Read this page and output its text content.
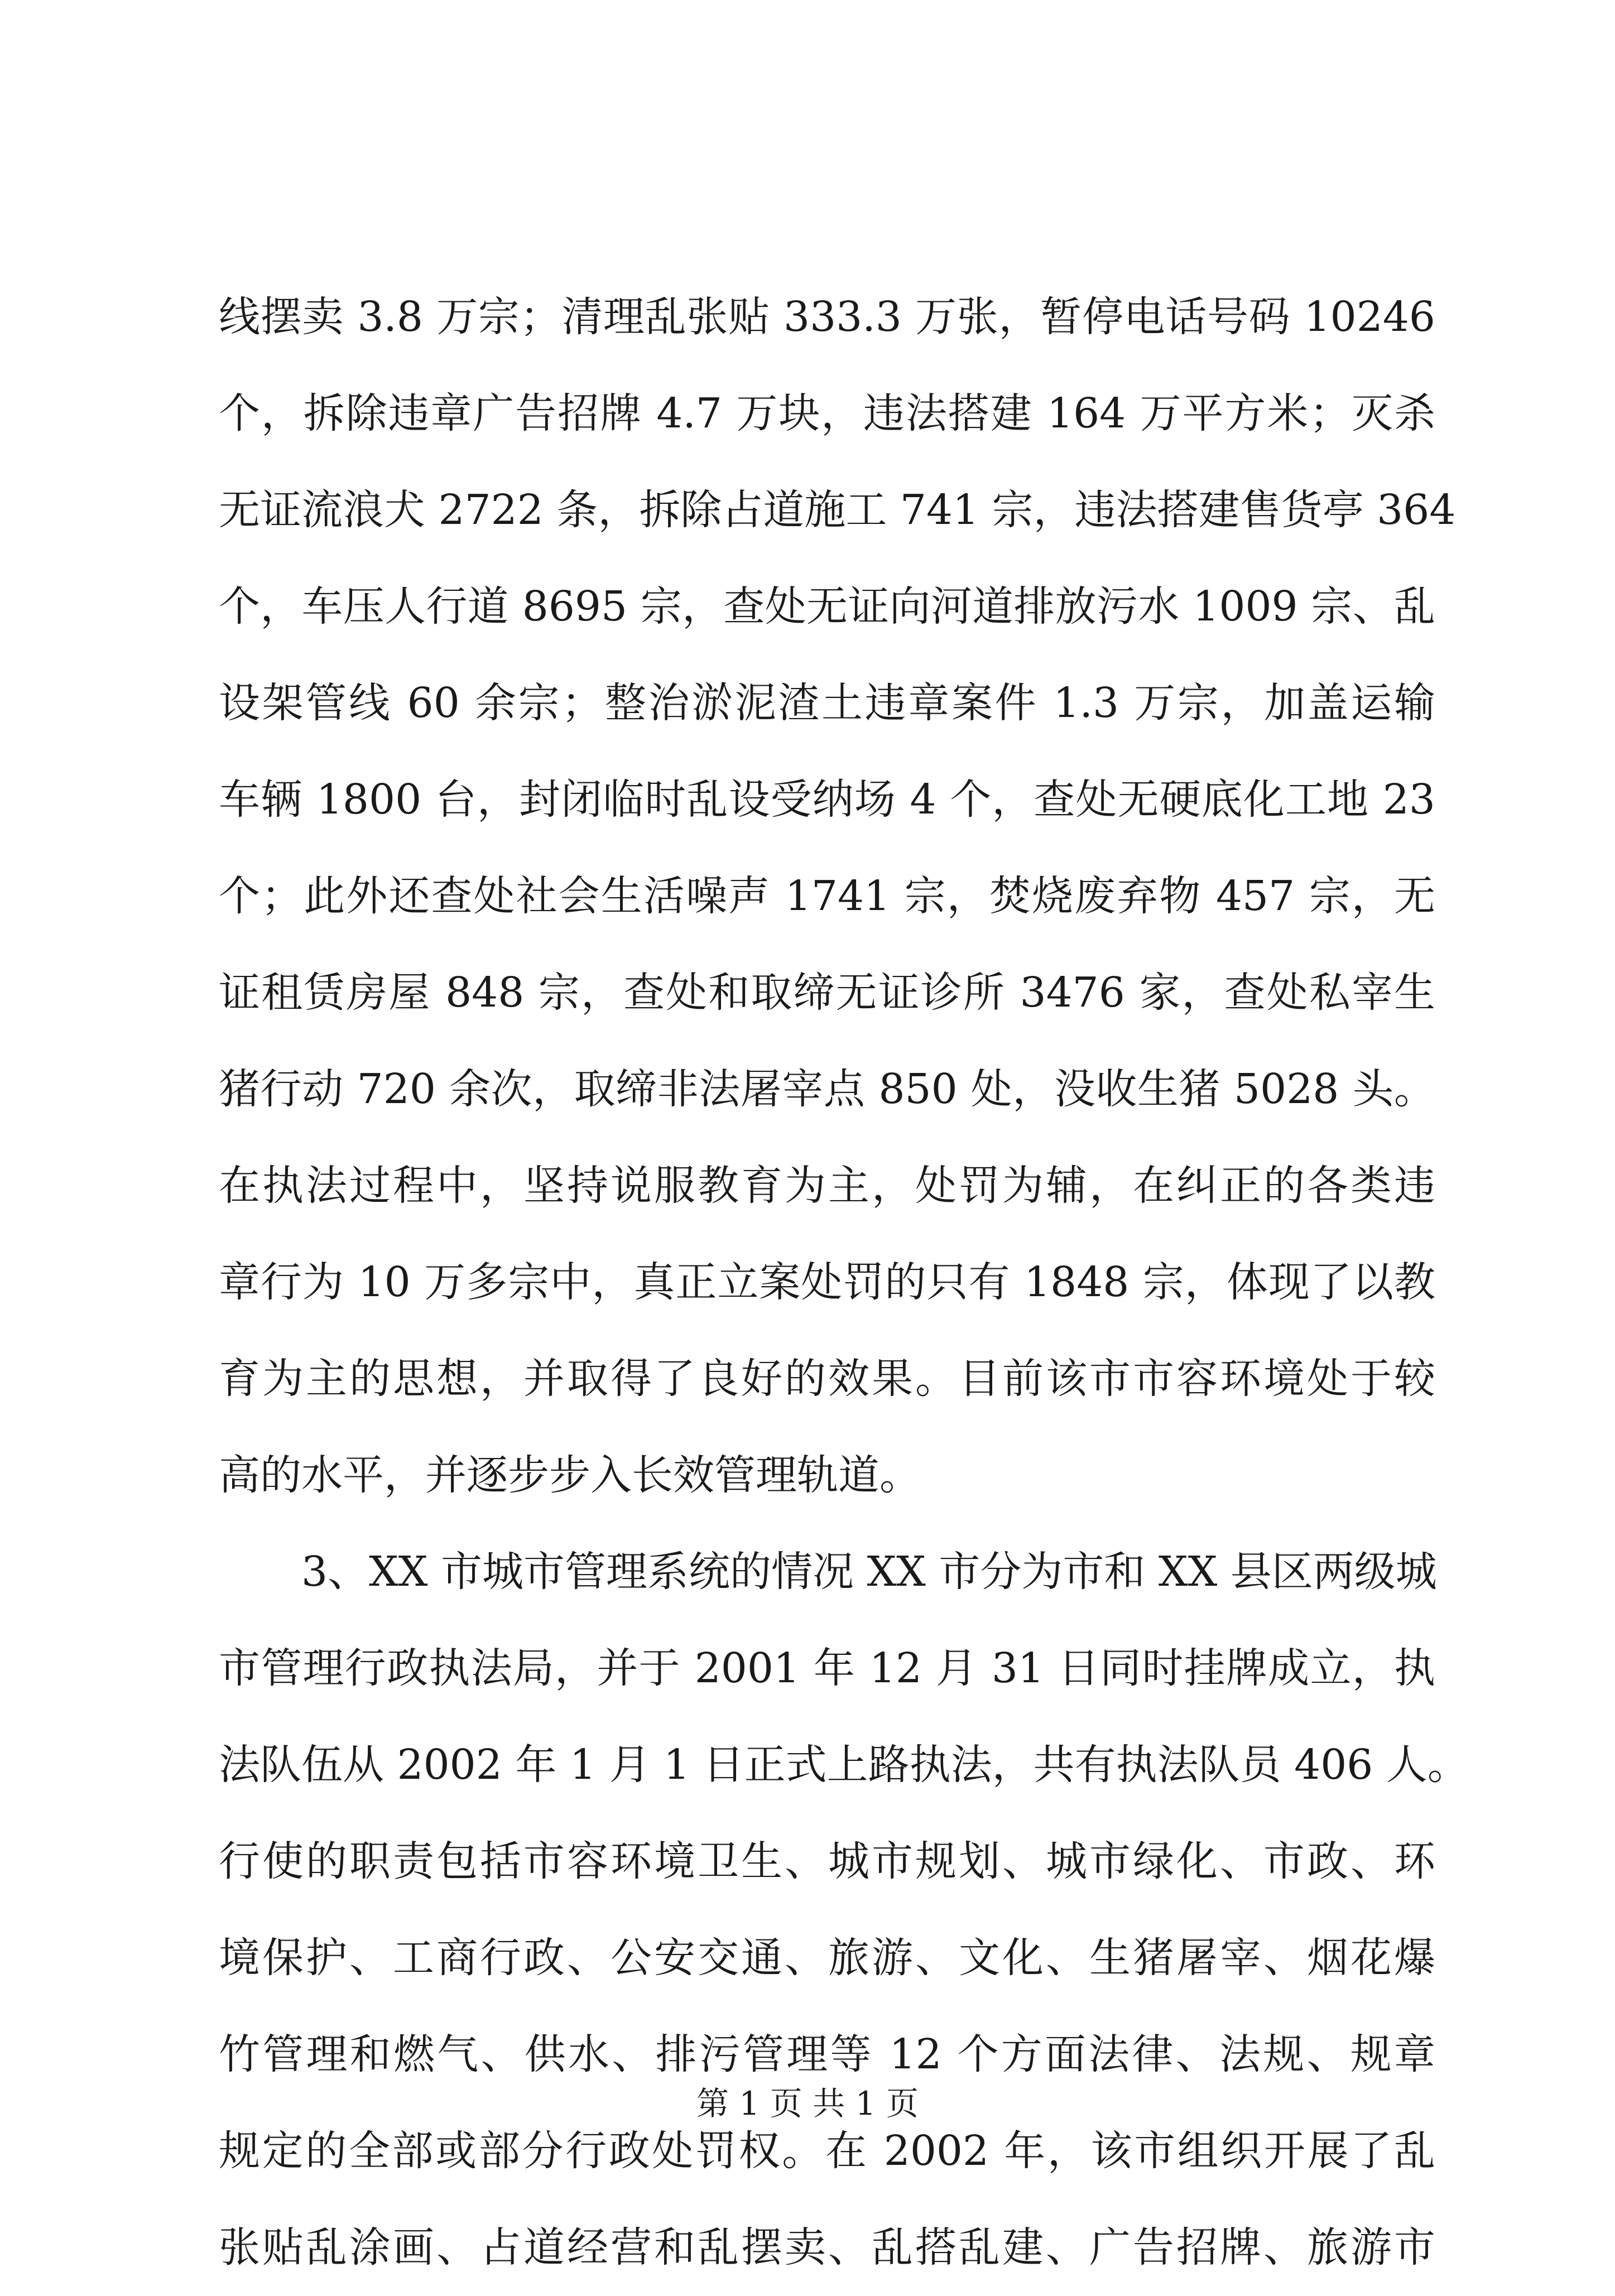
线摆卖 3.8 万宗；清理乱张贴 333.3 万张，暂停电话号码 10246
个，拆除违章广告招牌 4.7 万块，违法搭建 164 万平方米；灭杀
无证流浪犬 2722 条，拆除占道施工 741 宗，违法搭建售货亭 364
个，车压人行道 8695 宗，查处无证向河道排放污水 1009 宗、乱
设架管线 60 余宗；整治淤泥渣土违章案件 1.3 万宗，加盖运输
车辆 1800 台，封闭临时乱设受纳场 4 个，查处无硬底化工地 23
个；此外还查处社会生活噪声 1741 宗，焚烧废弃物 457 宗，无
证租赁房屋 848 宗，查处和取缔无证诊所 3476 家，查处私宰生
猪行动 720 余次，取缔非法屠宰点 850 处，没收生猪 5028 头。
在执法过程中，坚持说服教育为主，处罚为辅，在纠正的各类违
章行为 10 万多宗中，真正立案处罚的只有 1848 宗，体现了以教
育为主的思想，并取得了良好的效果。目前该市市容环境处于较
高的水平，并逐步步入长效管理轨道。
3、XX 市城市管理系统的情况 XX 市分为市和 XX 县区两级城
市管理行政执法局，并于 2001 年 12 月 31 日同时挂牌成立，执
法队伍从 2002 年 1 月 1 日正式上路执法，共有执法队员 406 人。
行使的职责包括市容环境卫生、城市规划、城市绿化、市政、环
境保护、工商行政、公安交通、旅游、文化、生猪屠宰、烟花爆
竹管理和燃气、供水、排污管理等 12 个方面法律、法规、规章
规定的全部或部分行政处罚权。在 2002 年，该市组织开展了乱
张贴乱涂画、占道经营和乱摆卖、乱搭乱建、广告招牌、旅游市
第 1 页 共 1 页
